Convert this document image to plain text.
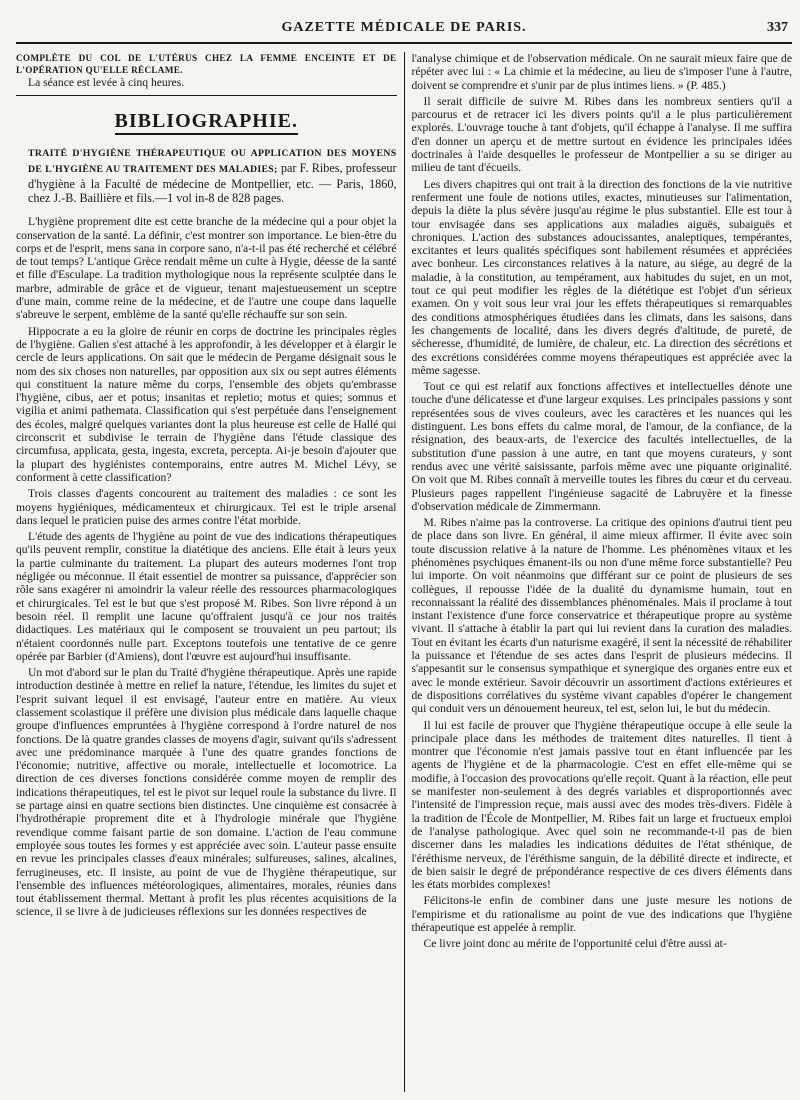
GAZETTE MÉDICALE DE PARIS.	337

COMPLÈTE DU COL DE L'UTÉRUS CHEZ LA FEMME ENCEINTE ET DE L'OPÉRATION QU'ELLE RÉCLAME.

La séance est levée à cinq heures.

BIBLIOGRAPHIE.

TRAITÉ D'HYGIÈNE THÉRAPEUTIQUE OU APPLICATION DES MOYENS DE L'HYGIÈNE AU TRAITEMENT DES MALADIES; par F. Ribes, professeur d'hygiène à la Faculté de médecine de Montpellier, etc. — Paris, 1860, chez J.-B. Baillière et fils.—1 vol in-8 de 828 pages.

L'hygiène proprement dite est cette branche de la médecine qui a pour objet la conservation de la santé. La définir, c'est montrer son importance. Le bien-être du corps et de l'esprit, mens sana in corpore sano, n'a-t-il pas été recherché et célébré de tout temps? L'antique Grèce rendait même un culte à Hygie, déesse de la santé et fille d'Esculape. La tradition mythologique nous la représente sculptée dans le marbre, admirable de grâce et de vigueur, tenant majestueusement un sceptre d'une main, comme reine de la médecine, et de l'autre une coupe dans laquelle s'abreuve le serpent, emblème de la santé qu'elle réchauffe sur son sein.

Hippocrate a eu la gloire de réunir en corps de doctrine les principales règles de l'hygiène. Galien s'est attaché à les approfondir, à les développer et à élargir le cercle de leurs applications. On sait que le médecin de Pergame désignait sous le nom des six choses non naturelles, par opposition aux six ou sept autres éléments qui constituent la nature même du corps, l'ensemble des objets qu'embrasse l'hygiène, cibus, aer et potus; insanitas et repletio; motus et quies; somnus et vigilia et animi pathemata. Classification qui s'est perpétuée dans l'enseignement des écoles, malgré quelques variantes dont la plus heureuse est celle de Hallé qui circonscrit et subdivise le terrain de l'hygiène dans l'étude classique des circumfusa, applicata, gesta, ingesta, excreta, percepta. Ai-je besoin d'ajouter que la plupart des hygiénistes contemporains, entre autres M. Michel Lévy, se conforment à cette classification?

Trois classes d'agents concourent au traitement des maladies : ce sont les moyens hygiéniques, médicamenteux et chirurgicaux. Tel est le triple arsenal dans lequel le praticien puise des armes contre l'état morbide.

L'étude des agents de l'hygiène au point de vue des indications thérapeutiques qu'ils peuvent remplir, constitue la diatétique des anciens. Elle était à leurs yeux la partie culminante du traitement. La plupart des auteurs modernes l'ont trop négligée ou méconnue. Il était essentiel de montrer sa puissance, d'apprécier son rôle sans exagérer ni amoindrir la valeur réelle des ressources pharmacologiques et chirurgicales. Tel est le but que s'est proposé M. Ribes. Son livre répond à un besoin réel. Il remplit une lacune qu'offraient jusqu'à ce jour nos traités didactiques. Les matériaux qui le composent se trouvaient un peu partout; ils n'étaient coordonnés nulle part. Exceptons toutefois une tentative de ce genre opérée par Barbier (d'Amiens), dont l'œuvre est aujourd'hui insuffisante.

Un mot d'abord sur le plan du Traité d'hygiène thérapeutique. Après une rapide introduction destinée à mettre en relief la nature, l'étendue, les limites du sujet et l'esprit suivant lequel il est envisagé, l'auteur entre en matière. Au vieux classement scolastique il préfère une division plus médicale dans laquelle chaque groupe d'influences empruntées à l'hygiène correspond à l'ordre naturel de nos fonctions. De là quatre grandes classes de moyens d'agir, suivant qu'ils s'adressent avec une prédominance marquée à l'une des quatre grandes fonctions de l'économie; nutritive, affective ou morale, intellectuelle et locomotrice. La direction de ces diverses fonctions considérée comme moyen de remplir des indications thérapeutiques, tel est le pivot sur lequel roule la substance du livre. Il se partage ainsi en quatre sections bien distinctes. Une cinquième est consacrée à l'hydrothérapie proprement dite et à l'hydrologie minérale que l'hygiène revendique comme faisant partie de son domaine. L'action de l'eau commune employée sous toutes les formes y est appréciée avec soin. L'auteur passe ensuite en revue les principales classes d'eaux minérales; sulfureuses, salines, alcalines, ferrugineuses, etc. Il insiste, au point de vue de l'hygiène thérapeutique, sur l'ensemble des influences météorologiques, alimentaires, morales, réunies dans tout établissement thermal. Mettant à profit les plus récentes acquisitions de la science, il se livre à de judicieuses réflexions sur les données respectives de

l'analyse chimique et de l'observation médicale. On ne saurait mieux faire que de répéter avec lui : « La chimie et la médecine, au lieu de s'imposer l'une à l'autre, doivent se comprendre et s'unir par de plus intimes liens. » (P. 485.)

Il serait difficile de suivre M. Ribes dans les nombreux sentiers qu'il a parcourus et de retracer ici les divers points qu'il a le plus particulièrement explorés. L'ouvrage touche à tant d'objets, qu'il échappe à l'analyse. Il me suffira d'en donner un aperçu et de mettre surtout en évidence les principales idées doctrinales à l'aide desquelles le professeur de Montpellier a su se diriger au milieu de tant d'écueils.

Les divers chapitres qui ont trait à la direction des fonctions de la vie nutritive renferment une foule de notions utiles, exactes, minutieuses sur l'alimentation, depuis la diète la plus sévère jusqu'au régime le plus substantiel. Elle est tour à tour envisagée dans ses applications aux maladies aiguës, subaiguës et chroniques. L'action des substances adoucissantes, analeptiques, tempérantes, excitantes et leurs qualités spécifiques sont habilement résumées et appréciées avec bonheur. Les circonstances relatives à la nature, au siége, au degré de la maladie, à la constitution, au tempérament, aux habitudes du sujet, en un mot, tout ce qui peut modifier les règles de la diététique est l'objet d'un sérieux examen. On y voit sous leur vrai jour les effets thérapeutiques si remarquables des conditions atmosphériques étudiées dans les climats, dans les saisons, dans les changements de localité, dans les divers degrés d'altitude, de pureté, de sécheresse, d'humidité, de lumière, de chaleur, etc. La direction des sécrétions et des excrétions considérées comme moyens thérapeutiques est appréciée avec la même sagesse.

Tout ce qui est relatif aux fonctions affectives et intellectuelles dénote une touche d'une délicatesse et d'une largeur exquises. Les principales passions y sont représentées sous de vives couleurs, avec les caractères et les nuances qui les distinguent. Les bons effets du calme moral, de l'amour, de la confiance, de la résignation, des beaux-arts, de l'exercice des facultés intellectuelles, de la substitution d'une passion à une autre, en tant que moyens curateurs, y sont rendus avec une vérité saisissante, parfois même avec une piquante originalité. On voit que M. Ribes connaît à merveille toutes les fibres du cœur et du cerveau. Plusieurs pages rappellent l'ingénieuse sagacité de Labruyère et la finesse d'observation médicale de Zimmermann.

M. Ribes n'aime pas la controverse. La critique des opinions d'autrui tient peu de place dans son livre. En général, il aime mieux affirmer. Il évite avec soin toute discussion relative à la nature de l'homme. Les phénomènes vitaux et les phénomènes psychiques émanent-ils ou non d'une même force substantielle? Peu lui importe. On voit néanmoins que différant sur ce point de plusieurs de ses collègues, il repousse l'idée de la dualité du dynamisme humain, tout en reconnaissant la réalité des dissemblances phénoménales. Mais il proclame à tout instant l'existence d'une force conservatrice et thérapeutique propre au système vivant. Il s'attache à établir la part qui lui revient dans la curation des maladies. Tout en évitant les écarts d'un naturisme exagéré, il sent la nécessité de réhabiliter la puissance et l'étendue de ses actes dans l'esprit de plusieurs médecins. Il s'appesantit sur le consensus sympathique et synergique des organes entre eux et avec le monde extérieur. Savoir découvrir un assortiment d'actions extérieures et de dispositions corrélatives du système vivant capables d'opérer le changement qui conduit vers un dénouement heureux, tel est, selon lui, le but du médecin.

Il lui est facile de prouver que l'hygiène thérapeutique occupe à elle seule la principale place dans les méthodes de traitement dites naturelles. Il tient à montrer que l'économie n'est jamais passive tout en étant influencée par les agents de l'hygiène et de la pharmacologie. C'est en effet elle-même qui se modifie, à l'occasion des provocations qu'elle reçoit. Quant à la réaction, elle peut se manifester non-seulement à des degrés variables et disproportionnés avec l'intensité de l'impression reçue, mais aussi avec des modes très-divers. Fidèle à la tradition de l'École de Montpellier, M. Ribes fait un large et fructueux emploi de l'analyse pathologique. Avec quel soin ne recommande-t-il pas de bien discerner dans les maladies les indications déduites de l'état sthénique, de l'éréthisme nerveux, de l'éréthisme sanguin, de la débilité directe et indirecte, et de bien saisir le degré de prépondérance respective de ces divers éléments dans les états morbides complexes!

Félicitons-le enfin de combiner dans une juste mesure les notions de l'empirisme et du rationalisme au point de vue des indications que l'hygiène thérapeutique est appelée à remplir.

Ce livre joint donc au mérite de l'opportunité celui d'être aussi at-
